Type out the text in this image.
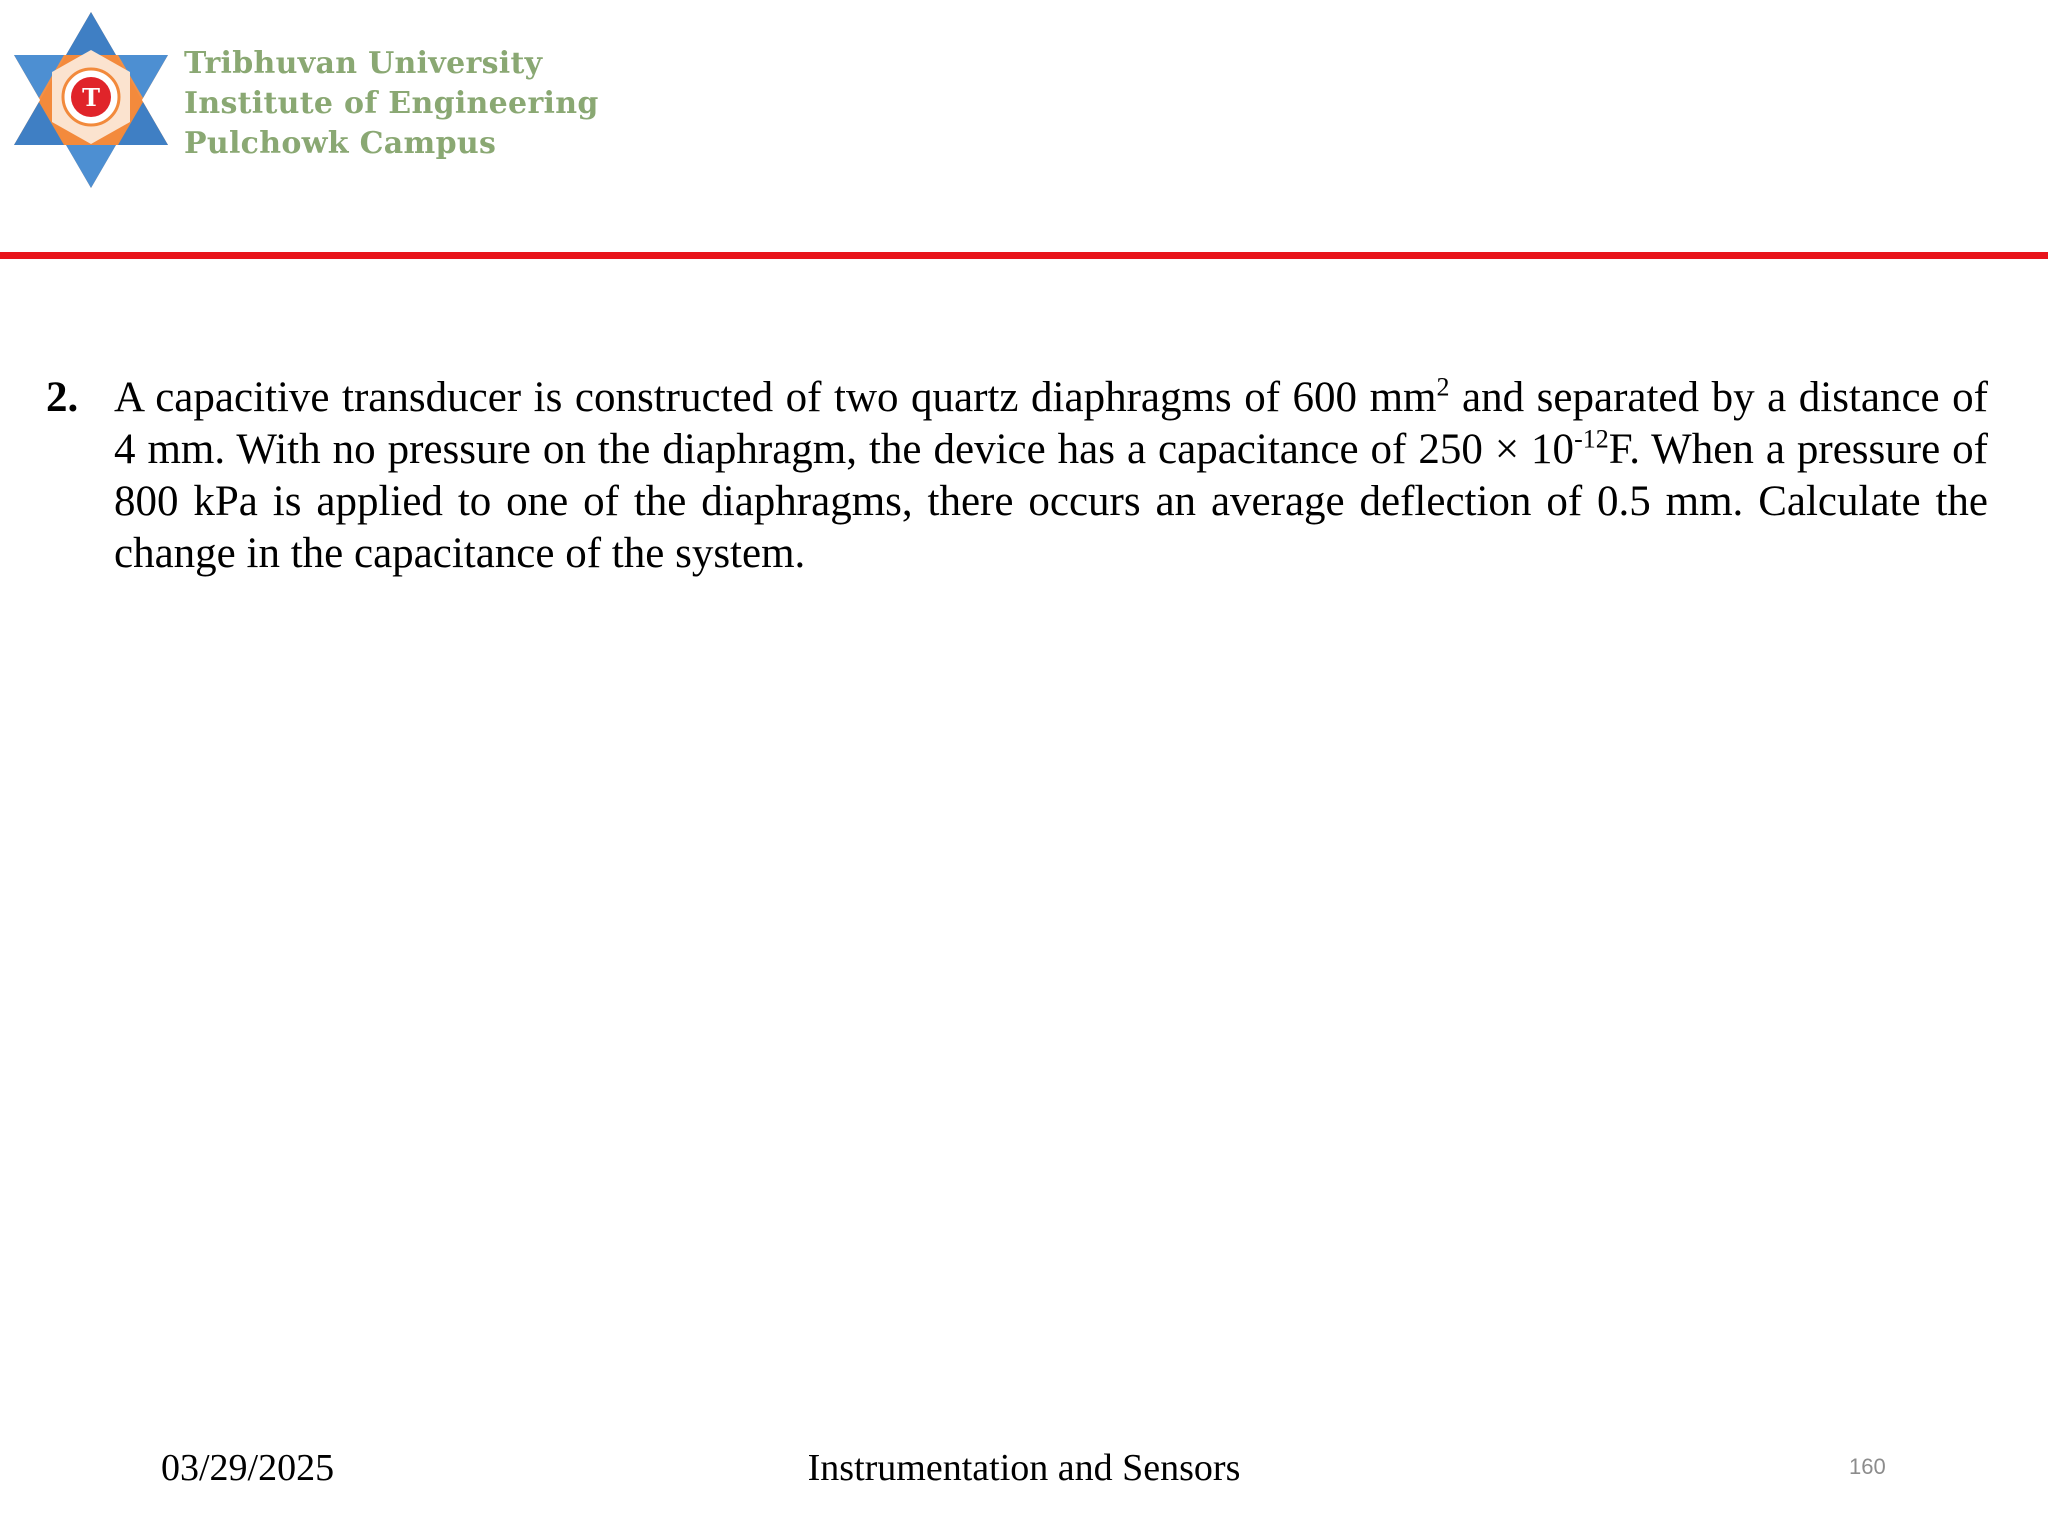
T
Tribhuvan University
Institute of Engineering
Pulchowk Campus
2. A capacitive transducer is constructed of two quartz diaphragms of 600 $mm^2$ and separated by a distance of 4 mm. With no pressure on the diaphragm, the device has a capacitance of $250 \times 10^{-12}F$. When a pressure of 800 kPa is applied to one of the diaphragms, there occurs an average deflection of 0.5 mm. Calculate the change in the capacitance of the system.
03/29/2025	Instrumentation and Sensors	160
